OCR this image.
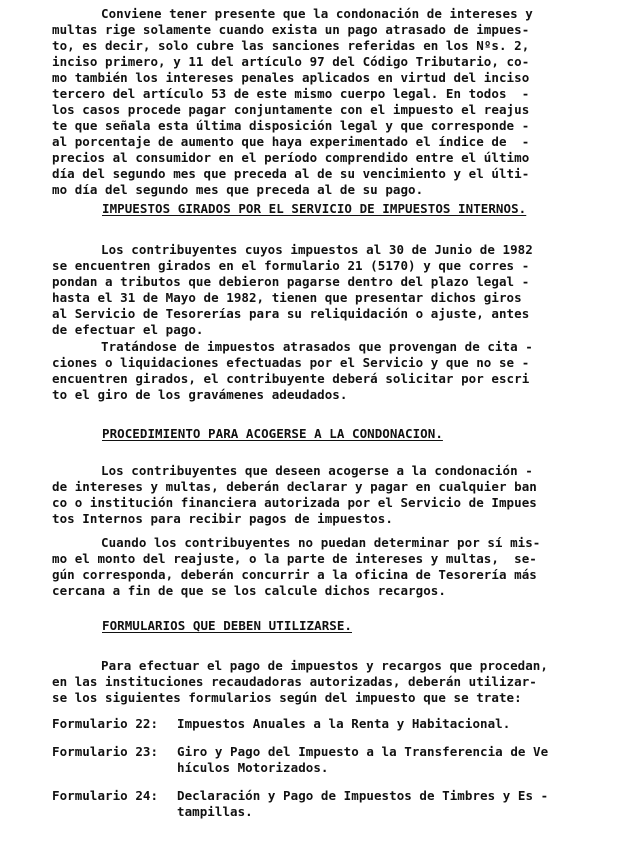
Conviene tener presente que la condonación de intereses y
multas rige solamente cuando exista un pago atrasado de impues-
to, es decir, solo cubre las sanciones referidas en los Nºs. 2,
inciso primero, y 11 del artículo 97 del Código Tributario, co-
mo también los intereses penales aplicados en virtud del inciso
tercero del artículo 53 de este mismo cuerpo legal. En todos  -
los casos procede pagar conjuntamente con el impuesto el reajus
te que señala esta última disposición legal y que corresponde -
al porcentaje de aumento que haya experimentado el índice de  -
precios al consumidor en el período comprendido entre el último
día del segundo mes que preceda al de su vencimiento y el últi-
mo día del segundo mes que preceda al de su pago.
IMPUESTOS GIRADOS POR EL SERVICIO DE IMPUESTOS INTERNOS.
Los contribuyentes cuyos impuestos al 30 de Junio de 1982
se encuentren girados en el formulario 21 (5170) y que corres -
pondan a tributos que debieron pagarse dentro del plazo legal -
hasta el 31 de Mayo de 1982, tienen que presentar dichos giros
al Servicio de Tesorerías para su reliquidación o ajuste, antes
de efectuar el pago.
Tratándose de impuestos atrasados que provengan de cita -
ciones o liquidaciones efectuadas por el Servicio y que no se -
encuentren girados, el contribuyente deberá solicitar por escri
to el giro de los gravámenes adeudados.
PROCEDIMIENTO PARA ACOGERSE A LA CONDONACION.
Los contribuyentes que deseen acogerse a la condonación -
de intereses y multas, deberán declarar y pagar en cualquier ban
co o institución financiera autorizada por el Servicio de Impues
tos Internos para recibir pagos de impuestos.
Cuando los contribuyentes no puedan determinar por sí mis-
mo el monto del reajuste, o la parte de intereses y multas,  se-
gún corresponda, deberán concurrir a la oficina de Tesorería más
cercana a fin de que se los calcule dichos recargos.
FORMULARIOS QUE DEBEN UTILIZARSE.
Para efectuar el pago de impuestos y recargos que procedan,
en las instituciones recaudadoras autorizadas, deberán utilizar-
se los siguientes formularios según del impuesto que se trate:
Formulario 22: Impuestos Anuales a la Renta y Habitacional.
Formulario 23: Giro y Pago del Impuesto a la Transferencia de Ve
hículos Motorizados.
Formulario 24: Declaración y Pago de Impuestos de Timbres y Es -
tampillas.
